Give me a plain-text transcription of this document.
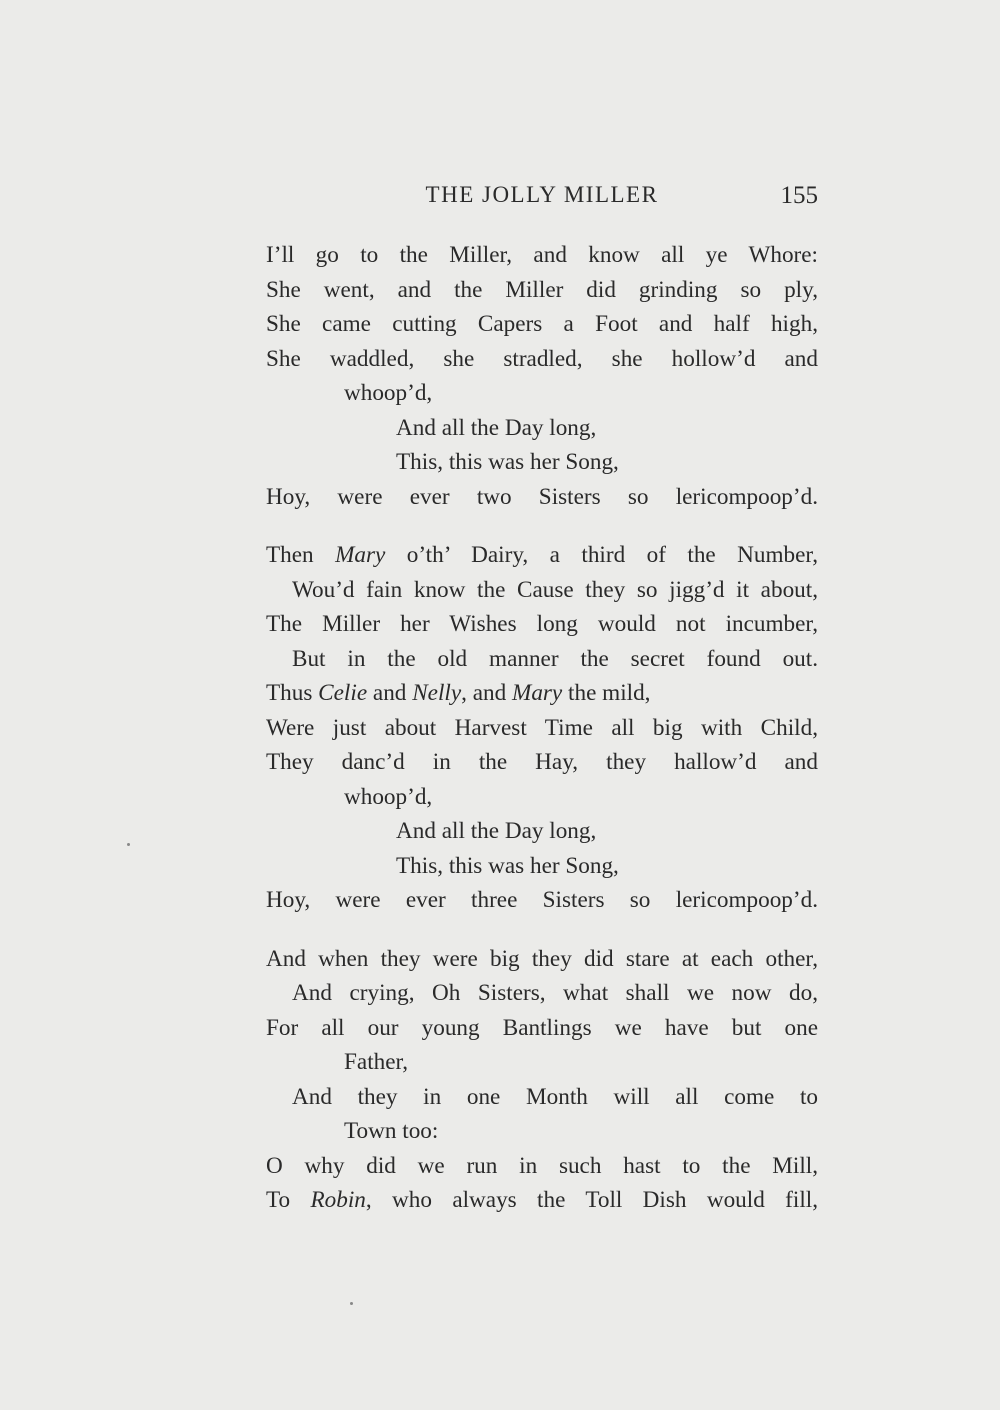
THE JOLLY MILLER	155
I’ll go to the Miller, and know all ye Whore:
She went, and the Miller did grinding so ply,
She came cutting Capers a Foot and half high,
She waddled, she stradled, she hollow’d and
whoop’d,
And all the Day long,
This, this was her Song,
Hoy, were ever two Sisters so lericompoop’d.
Then Mary o’th’ Dairy, a third of the Number,
Wou’d fain know the Cause they so jigg’d it about,
The Miller her Wishes long would not incumber,
But in the old manner the secret found out.
Thus Celie and Nelly, and Mary the mild,
Were just about Harvest Time all big with Child,
They danc’d in the Hay, they hallow’d and
whoop’d,
And all the Day long,
This, this was her Song,
Hoy, were ever three Sisters so lericompoop’d.
And when they were big they did stare at each other,
And crying, Oh Sisters, what shall we now do,
For all our young Bantlings we have but one
Father,
And they in one Month will all come to
Town too:
O why did we run in such hast to the Mill,
To Robin, who always the Toll Dish would fill,
